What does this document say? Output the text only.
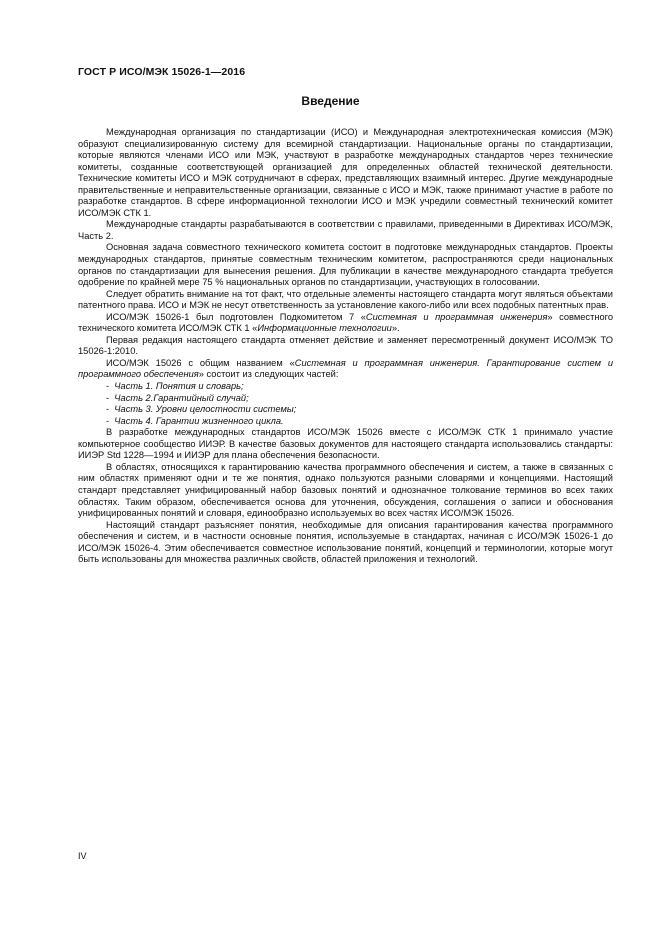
ГОСТ Р ИСО/МЭК 15026-1—2016
Введение

Международная организация по стандартизации (ИСО) и Международная электротехническая комиссия (МЭК) образуют специализированную систему для всемирной стандартизации. Национальные органы по стандартизации, которые являются членами ИСО или МЭК, участвуют в разработке международных стандартов через технические комитеты, созданные соответствующей организацией для определенных областей технической деятельности. Технические комитеты ИСО и МЭК сотрудничают в сферах, представляющих взаимный интерес. Другие международные правительственные и неправительственные организации, связанные с ИСО и МЭК, также принимают участие в работе по разработке стандартов. В сфере информационной технологии ИСО и МЭК учредили совместный технический комитет ИСО/МЭК СТК 1.

Международные стандарты разрабатываются в соответствии с правилами, приведенными в Директивах ИСО/МЭК, Часть 2.

Основная задача совместного технического комитета состоит в подготовке международных стандартов. Проекты международных стандартов, принятые совместным техническим комитетом, распространяются среди национальных органов по стандартизации для вынесения решения. Для публикации в качестве международного стандарта требуется одобрение по крайней мере 75 % национальных органов по стандартизации, участвующих в голосовании.

Следует обратить внимание на тот факт, что отдельные элементы настоящего стандарта могут являться объектами патентного права. ИСО и МЭК не несут ответственность за установление какого-либо или всех подобных патентных прав.

ИСО/МЭК 15026-1 был подготовлен Подкомитетом 7 «Системная и программная инженерия» совместного технического комитета ИСО/МЭК СТК 1 «Информационные технологии».

Первая редакция настоящего стандарта отменяет действие и заменяет пересмотренный документ ИСО/МЭК ТО 15026-1:2010.

ИСО/МЭК 15026 с общим названием «Системная и программная инженерия. Гарантирование систем и программного обеспечения» состоит из следующих частей:

-  Часть 1. Понятия и словарь;

-  Часть 2.Гарантийный случай;

-  Часть 3. Уровни целостности системы;

-  Часть 4. Гарантии жизненного цикла.

В разработке международных стандартов ИСО/МЭК 15026 вместе с ИСО/МЭК СТК 1 принимало участие компьютерное сообщество ИИЭР. В качестве базовых документов для настоящего стандарта использовались стандарты: ИИЭР Std 1228—1994 и ИИЭР для плана обеспечения безопасности.

В областях, относящихся к гарантированию качества программного обеспечения и систем, а также в связанных с ним областях применяют одни и те же понятия, однако пользуются разными словарями и концепциями. Настоящий стандарт представляет унифицированный набор базовых понятий и однозначное толкование терминов во всех таких областях. Таким образом, обеспечивается основа для уточнения, обсуждения, соглашения о записи и обоснования унифицированных понятий и словаря, единообразно используемых во всех частях ИСО/МЭК 15026.

Настоящий стандарт разъясняет понятия, необходимые для описания гарантирования качества программного обеспечения и систем, и в частности основные понятия, используемые в стандартах, начиная с ИСО/МЭК 15026-1 до ИСО/МЭК 15026-4. Этим обеспечивается совместное использование понятий, концепций и терминологии, которые могут быть использованы для множества различных свойств, областей приложения и технологий.

IV
